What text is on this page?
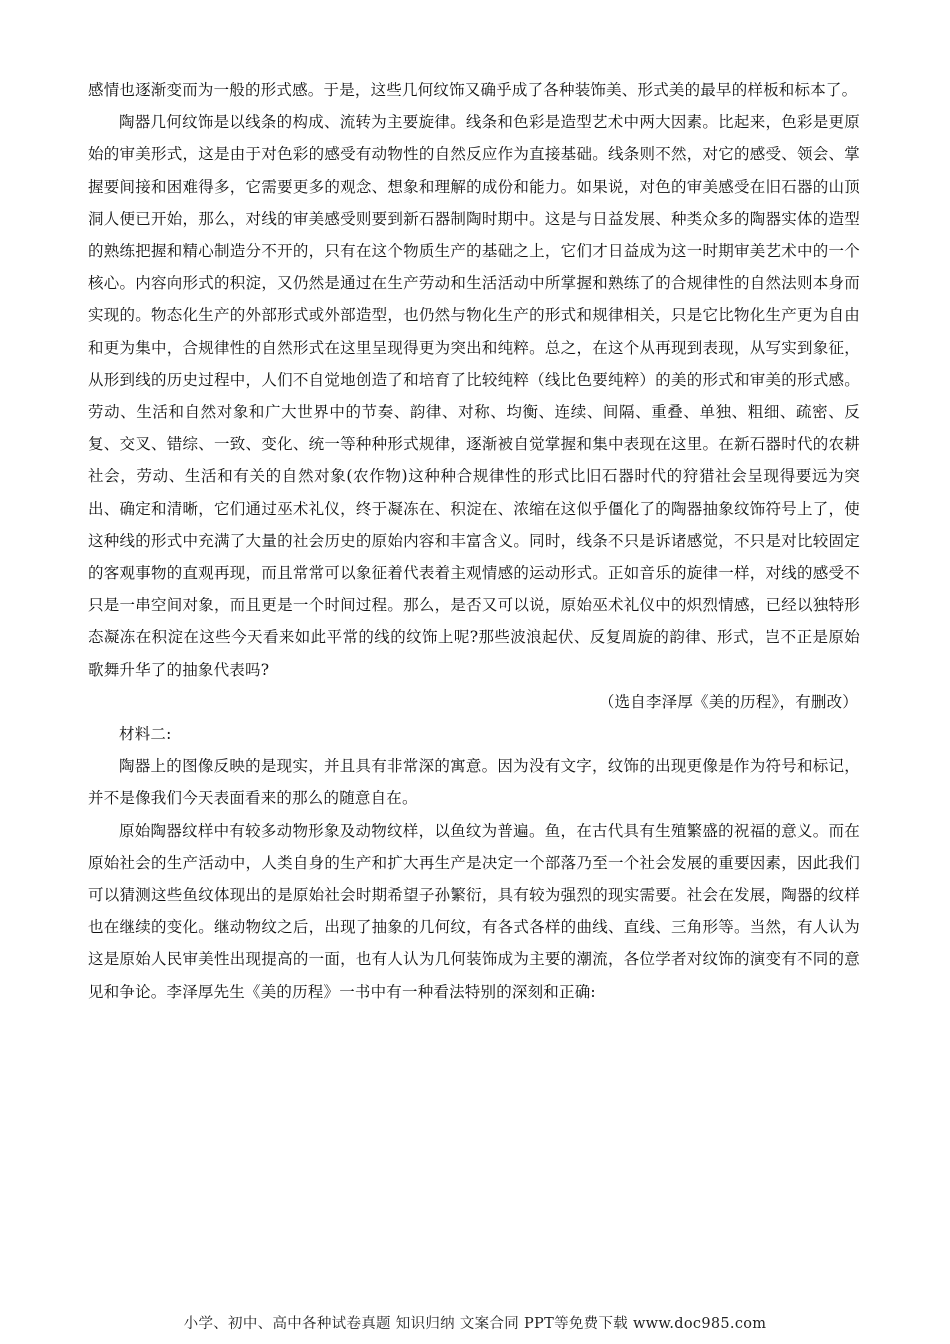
感情也逐渐变而为一般的形式感。于是，这些几何纹饰又确乎成了各种装饰美、形式美的最早的样板和标本了。

陶器几何纹饰是以线条的构成、流转为主要旋律。线条和色彩是造型艺术中两大因素。比起来，色彩是更原始的审美形式，这是由于对色彩的感受有动物性的自然反应作为直接基础。线条则不然，对它的感受、领会、掌握要间接和困难得多，它需要更多的观念、想象和理解的成份和能力。如果说，对色的审美感受在旧石器的山顶洞人便已开始，那么，对线的审美感受则要到新石器制陶时期中。这是与日益发展、种类众多的陶器实体的造型的熟练把握和精心制造分不开的，只有在这个物质生产的基础之上，它们才日益成为这一时期审美艺术中的一个核心。内容向形式的积淀，又仍然是通过在生产劳动和生活活动中所掌握和熟练了的合规律性的自然法则本身而实现的。物态化生产的外部形式或外部造型，也仍然与物化生产的形式和规律相关，只是它比物化生产更为自由和更为集中，合规律性的自然形式在这里呈现得更为突出和纯粹。总之，在这个从再现到表现，从写实到象征，从形到线的历史过程中，人们不自觉地创造了和培育了比较纯粹（线比色要纯粹）的美的形式和审美的形式感。劳动、生活和自然对象和广大世界中的节奏、韵律、对称、均衡、连续、间隔、重叠、单独、粗细、疏密、反复、交叉、错综、一致、变化、统一等种种形式规律，逐渐被自觉掌握和集中表现在这里。在新石器时代的农耕社会，劳动、生活和有关的自然对象(农作物)这种种合规律性的形式比旧石器时代的狩猎社会呈现得要远为突出、确定和清晰，它们通过巫术礼仪，终于凝冻在、积淀在、浓缩在这似乎僵化了的陶器抽象纹饰符号上了，使这种线的形式中充满了大量的社会历史的原始内容和丰富含义。同时，线条不只是诉诸感觉，不只是对比较固定的客观事物的直观再现，而且常常可以象征着代表着主观情感的运动形式。正如音乐的旋律一样，对线的感受不只是一串空间对象，而且更是一个时间过程。那么，是否又可以说，原始巫术礼仪中的炽烈情感，已经以独特形态凝冻在积淀在这些今天看来如此平常的线的纹饰上呢?那些波浪起伏、反复周旋的韵律、形式，岂不正是原始歌舞升华了的抽象代表吗?

（选自李泽厚《美的历程》，有删改）

材料二:

陶器上的图像反映的是现实，并且具有非常深的寓意。因为没有文字，纹饰的出现更像是作为符号和标记，并不是像我们今天表面看来的那么的随意自在。

原始陶器纹样中有较多动物形象及动物纹样，以鱼纹为普遍。鱼，在古代具有生殖繁盛的祝福的意义。而在原始社会的生产活动中，人类自身的生产和扩大再生产是决定一个部落乃至一个社会发展的重要因素，因此我们可以猜测这些鱼纹体现出的是原始社会时期希望子孙繁衍，具有较为强烈的现实需要。社会在发展，陶器的纹样也在继续的变化。继动物纹之后，出现了抽象的几何纹，有各式各样的曲线、直线、三角形等。当然，有人认为这是原始人民审美性出现提高的一面，也有人认为几何装饰成为主要的潮流，各位学者对纹饰的演变有不同的意见和争论。李泽厚先生《美的历程》一书中有一种看法特别的深刻和正确:

小学、初中、高中各种试卷真题 知识归纳 文案合同 PPT等免费下载 www.doc985.com
